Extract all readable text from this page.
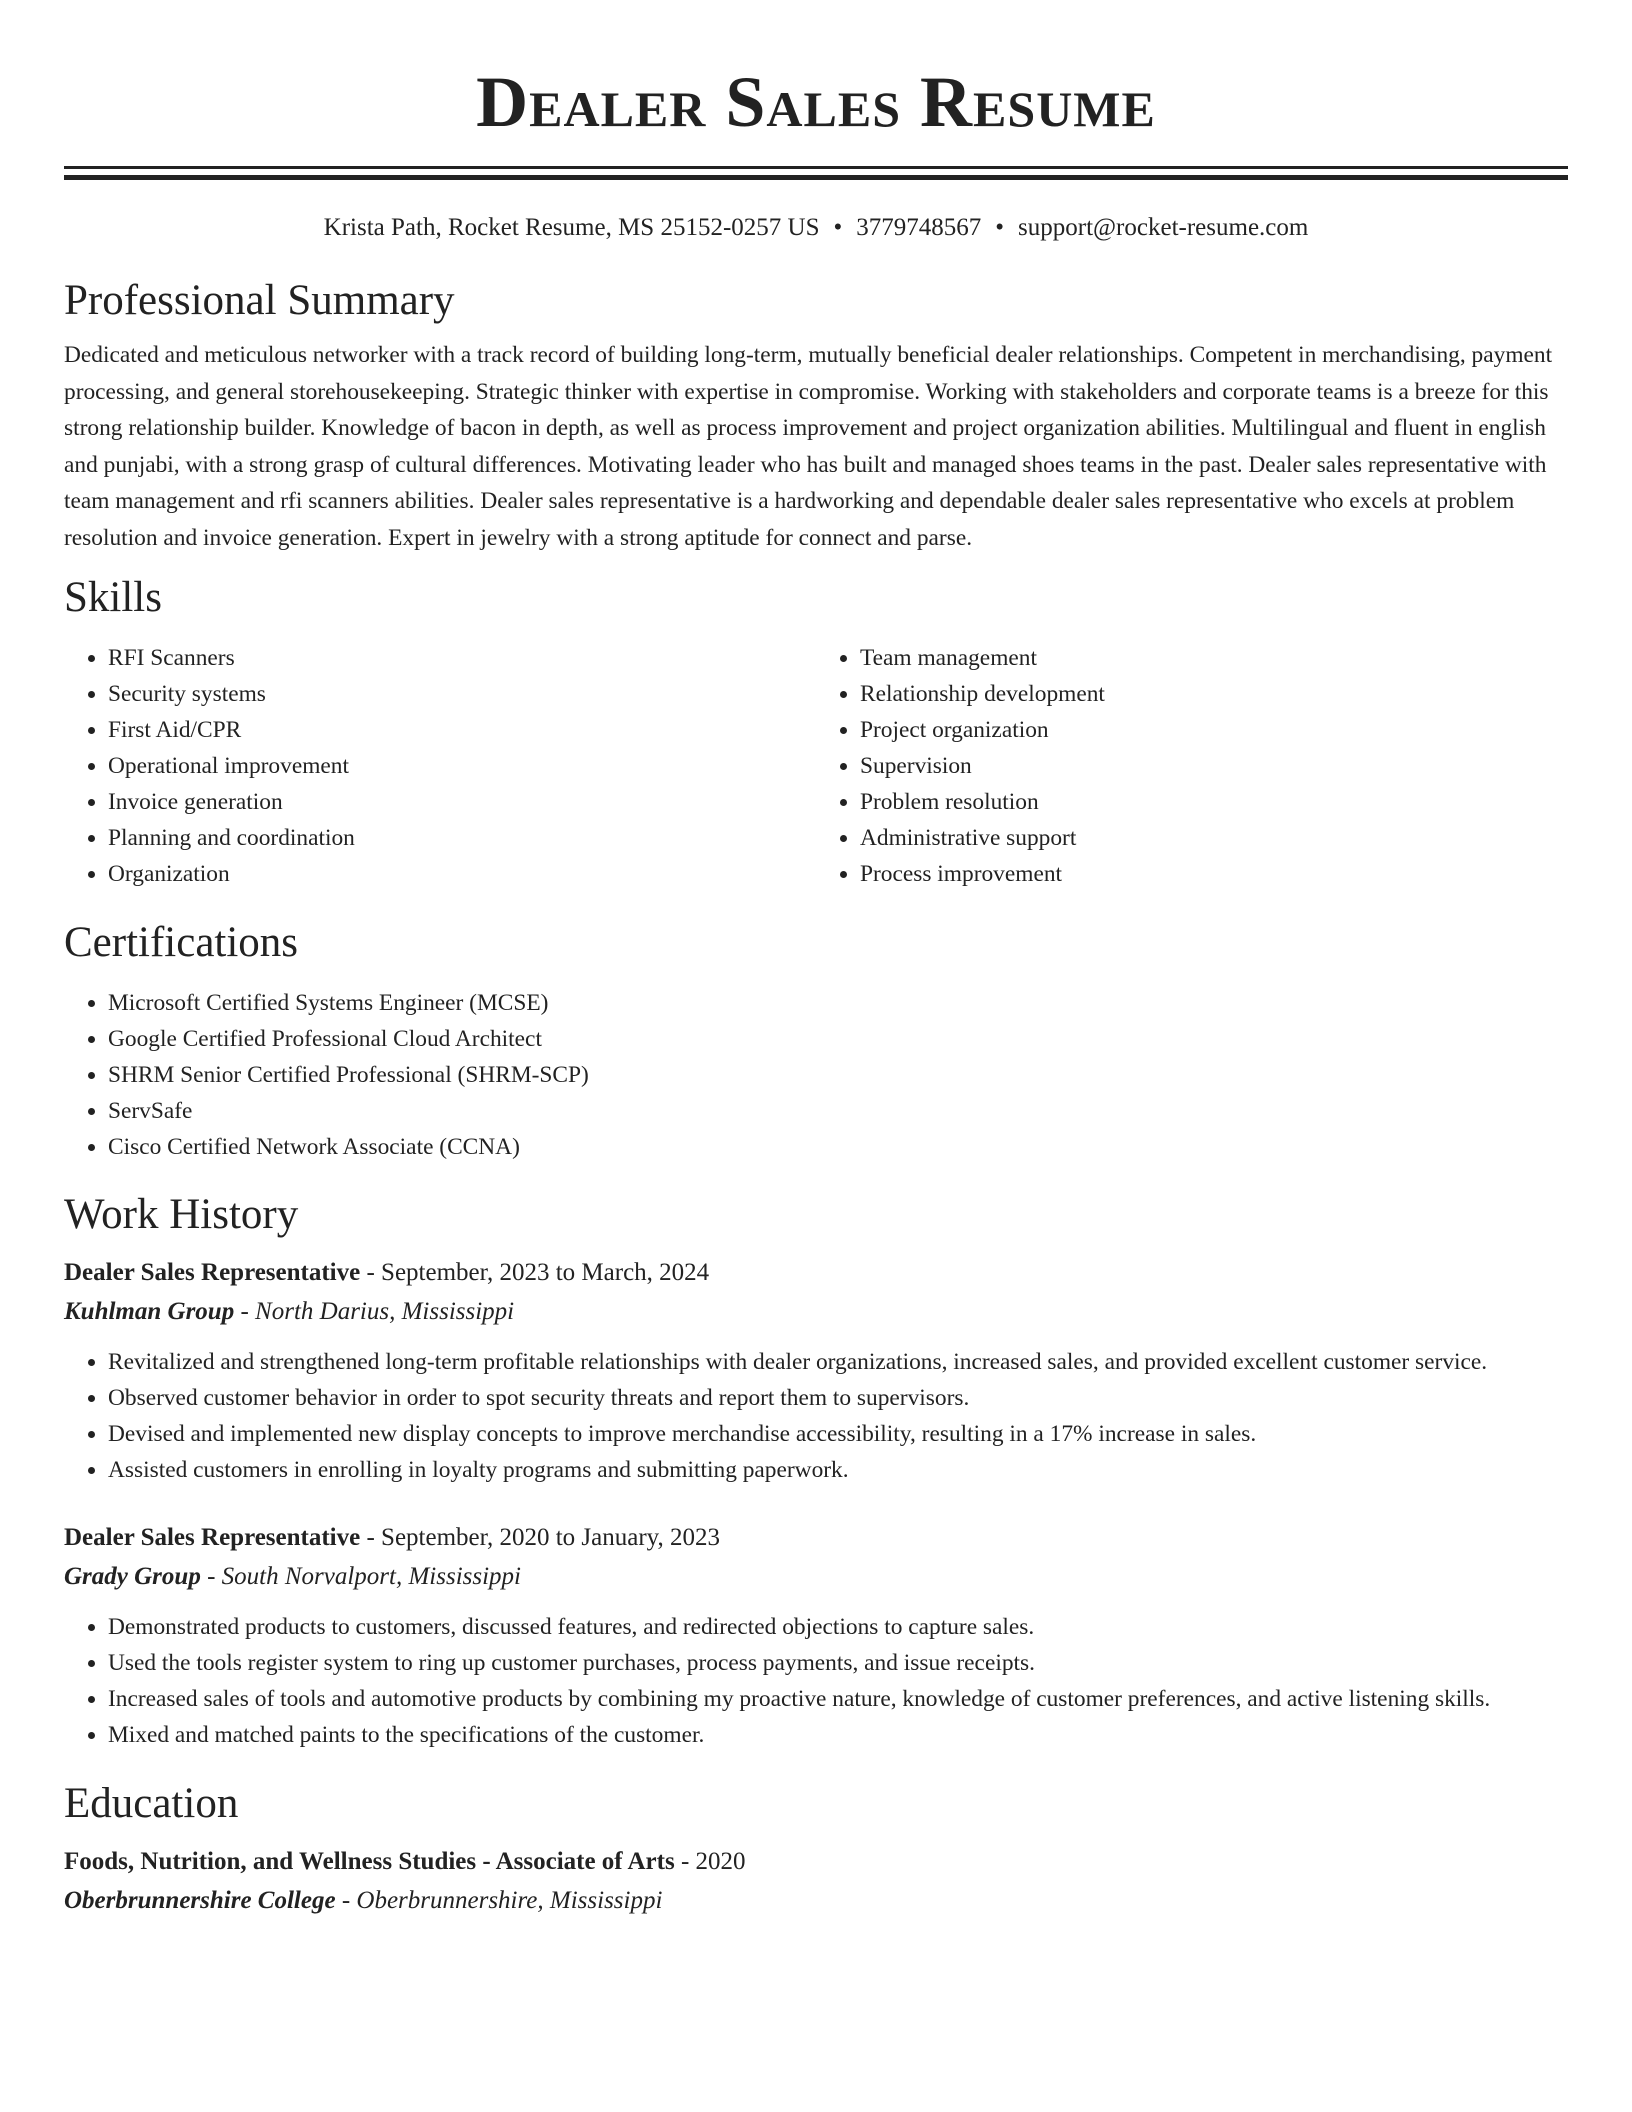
Dealer Sales Resume
Krista Path, Rocket Resume, MS 25152-0257 US • 3779748567 • support@rocket-resume.com
Professional Summary

Dedicated and meticulous networker with a track record of building long-term, mutually beneficial dealer relationships. Competent in merchandising, payment processing, and general storehousekeeping. Strategic thinker with expertise in compromise. Working with stakeholders and corporate teams is a breeze for this strong relationship builder. Knowledge of bacon in depth, as well as process improvement and project organization abilities. Multilingual and fluent in english and punjabi, with a strong grasp of cultural differences. Motivating leader who has built and managed shoes teams in the past. Dealer sales representative with team management and rfi scanners abilities. Dealer sales representative is a hardworking and dependable dealer sales representative who excels at problem resolution and invoice generation. Expert in jewelry with a strong aptitude for connect and parse.

Skills
• RFI Scanners
• Security systems
• First Aid/CPR
• Operational improvement
• Invoice generation
• Planning and coordination
• Organization
• Team management
• Relationship development
• Project organization
• Supervision
• Problem resolution
• Administrative support
• Process improvement
Certifications
• Microsoft Certified Systems Engineer (MCSE)
• Google Certified Professional Cloud Architect
• SHRM Senior Certified Professional (SHRM-SCP)
• ServSafe
• Cisco Certified Network Associate (CCNA)
Work History
Dealer Sales Representative - September, 2023 to March, 2024
Kuhlman Group - North Darius, Mississippi
• Revitalized and strengthened long-term profitable relationships with dealer organizations, increased sales, and provided excellent customer service.
• Observed customer behavior in order to spot security threats and report them to supervisors.
• Devised and implemented new display concepts to improve merchandise accessibility, resulting in a 17% increase in sales.
• Assisted customers in enrolling in loyalty programs and submitting paperwork.
Dealer Sales Representative - September, 2020 to January, 2023
Grady Group - South Norvalport, Mississippi
• Demonstrated products to customers, discussed features, and redirected objections to capture sales.
• Used the tools register system to ring up customer purchases, process payments, and issue receipts.
• Increased sales of tools and automotive products by combining my proactive nature, knowledge of customer preferences, and active listening skills.
• Mixed and matched paints to the specifications of the customer.
Education
Foods, Nutrition, and Wellness Studies - Associate of Arts - 2020
Oberbrunnershire College - Oberbrunnershire, Mississippi
